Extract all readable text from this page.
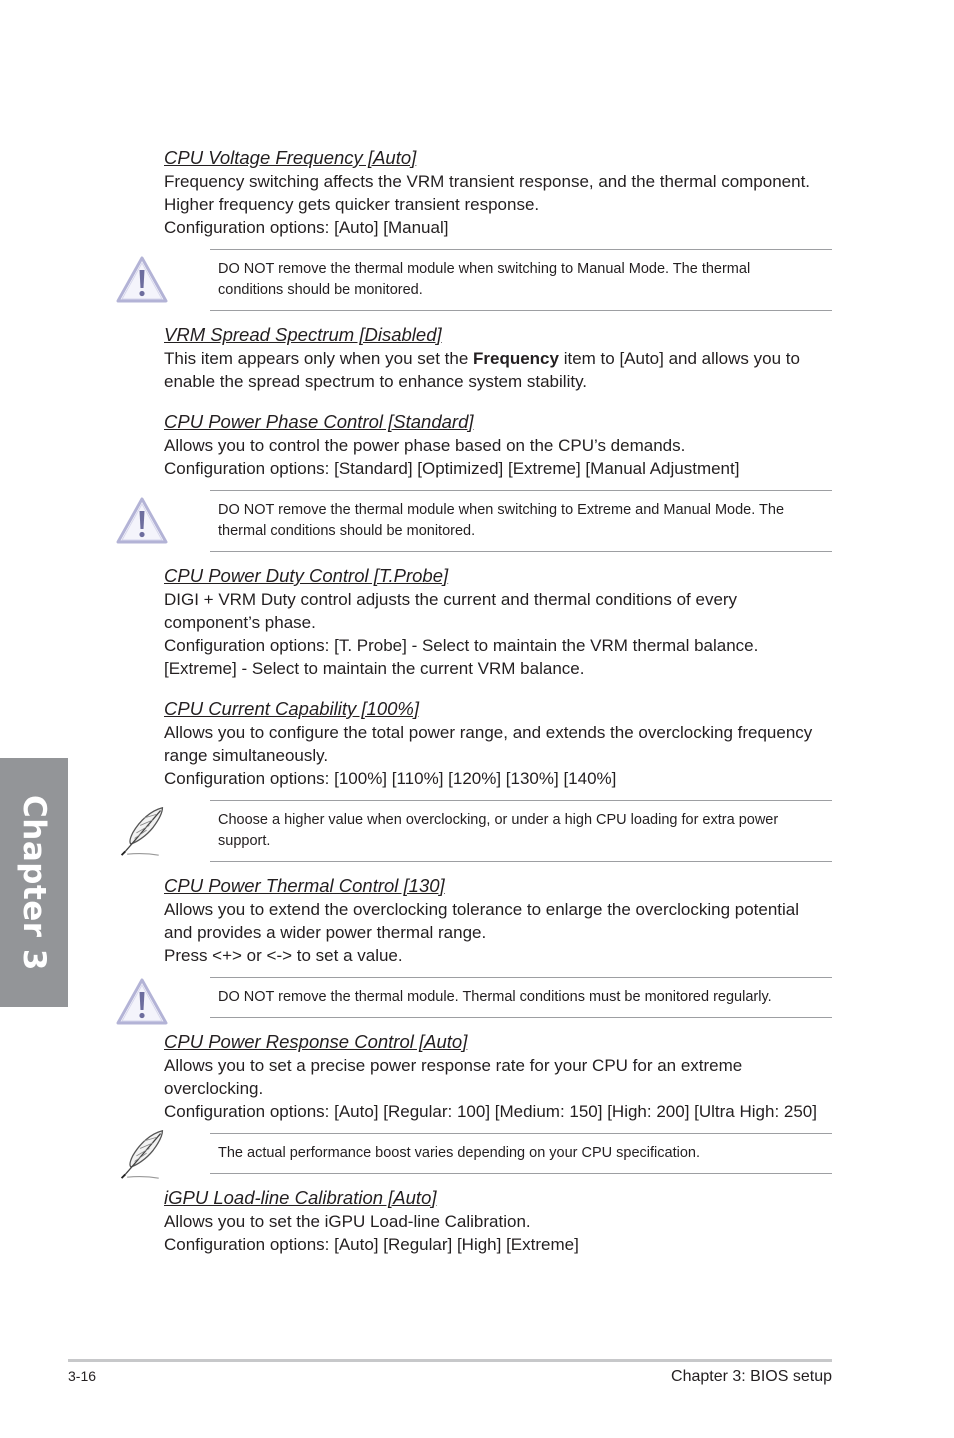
Chapter 3

CPU Voltage Frequency [Auto]

Frequency switching affects the VRM transient response, and the thermal component.

Higher frequency gets quicker transient response.

Configuration options: [Auto] [Manual]

DO NOT remove the thermal module when switching to Manual Mode. The thermal conditions should be monitored.

VRM Spread Spectrum [Disabled]

This item appears only when you set the Frequency item to [Auto] and allows you to

enable the spread spectrum to enhance system stability.

CPU Power Phase Control [Standard]

Allows you to control the power phase based on the CPU’s demands.

Configuration options: [Standard] [Optimized] [Extreme] [Manual Adjustment]

DO NOT remove the thermal module when switching to Extreme and Manual Mode. The thermal conditions should be monitored.

CPU Power Duty Control [T.Probe]

DIGI + VRM Duty control adjusts the current and thermal conditions of every

component’s phase.

Configuration options: [T. Probe] - Select to maintain the VRM thermal balance.

[Extreme] - Select to maintain the current VRM balance.

CPU Current Capability [100%]

Allows you to configure the total power range, and extends the overclocking frequency

range simultaneously.

Configuration options: [100%] [110%] [120%] [130%] [140%]

Choose a higher value when overclocking, or under a high CPU loading for extra power support.

CPU Power Thermal Control [130]

Allows you to extend the overclocking tolerance to enlarge the overclocking potential

and provides a wider power thermal range.

Press <+> or <-> to set a value.

DO NOT remove the thermal module. Thermal conditions must be monitored regularly.

CPU Power Response Control [Auto]

Allows you to set a precise power response rate for your CPU for an extreme

overclocking.

Configuration options: [Auto] [Regular: 100] [Medium: 150] [High: 200] [Ultra High: 250]

The actual performance boost varies depending on your CPU specification.

iGPU Load-line Calibration [Auto]

Allows you to set the iGPU Load-line Calibration.

Configuration options: [Auto] [Regular] [High] [Extreme]

3-16	Chapter 3: BIOS setup
